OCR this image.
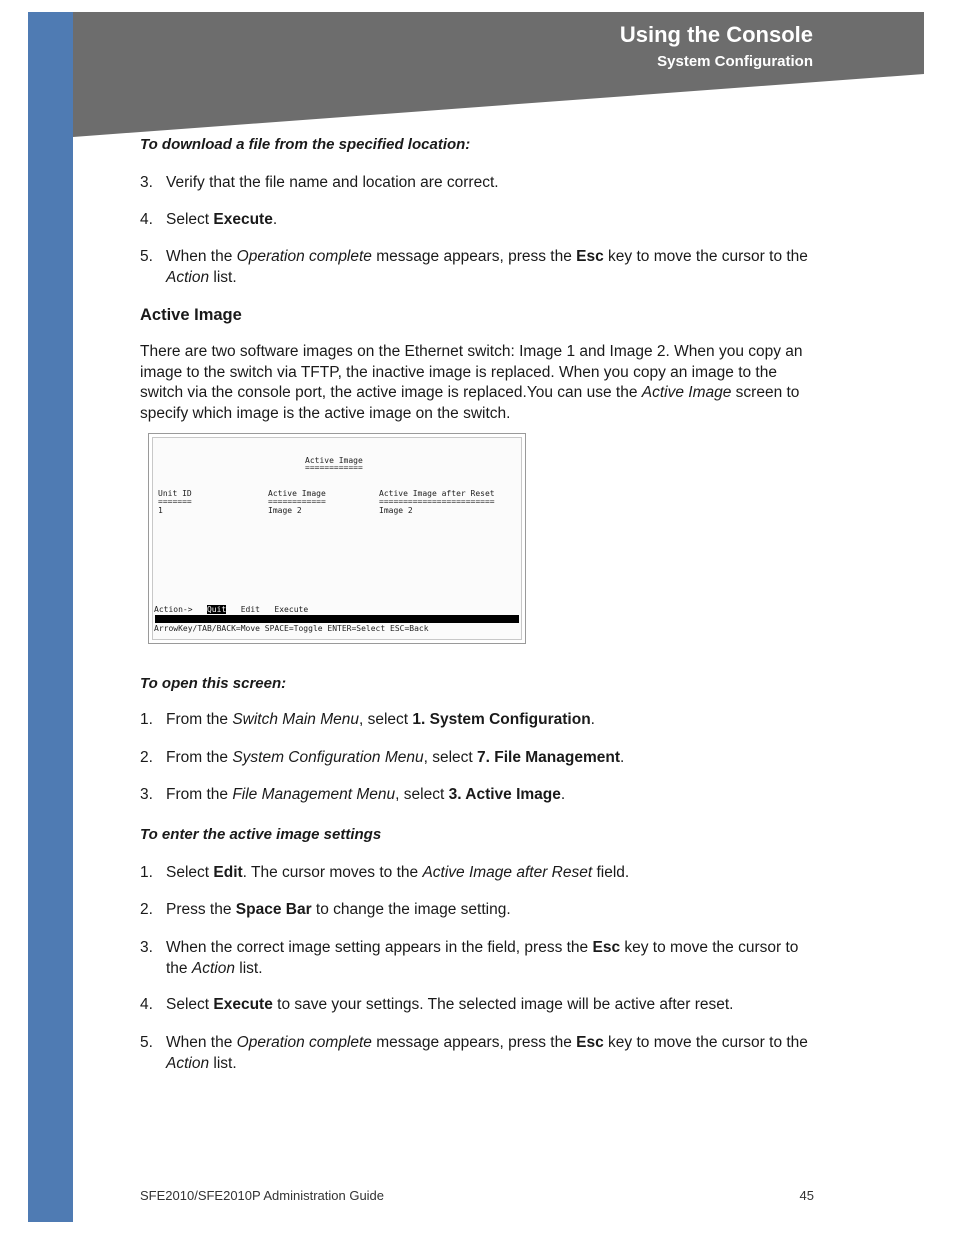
Using the Console
System Configuration
To download a file from the specified location:
3. Verify that the file name and location are correct.
4. Select Execute.
5. When the Operation complete message appears, press the Esc key to move the cursor to the Action list.
Active Image
There are two software images on the Ethernet switch: Image 1 and Image 2. When you copy an image to the switch via TFTP, the inactive image is replaced. When you copy an image to the switch via the console port, the active image is replaced.You can use the Active Image screen to specify which image is the active image on the switch.
To open this screen:
1. From the Switch Main Menu, select 1. System Configuration.
2. From the System Configuration Menu, select 7. File Management.
3. From the File Management Menu, select 3. Active Image.
To enter the active image settings
1. Select Edit. The cursor moves to the Active Image after Reset field.
2. Press the Space Bar to change the image setting.
3. When the correct image setting appears in the field, press the Esc key to move the cursor to the Action list.
4. Select Execute to save your settings. The selected image will be active after reset.
5. When the Operation complete message appears, press the Esc key to move the cursor to the Action list.
Active Image
============
Unit ID
=======
1
Active Image
============
Image 2
Active Image after Reset
========================
Image 2
Action-> Quit Edit Execute
ArrowKey/TAB/BACK=Move SPACE=Toggle ENTER=Select ESC=Back
SFE2010/SFE2010P Administration Guide	45
